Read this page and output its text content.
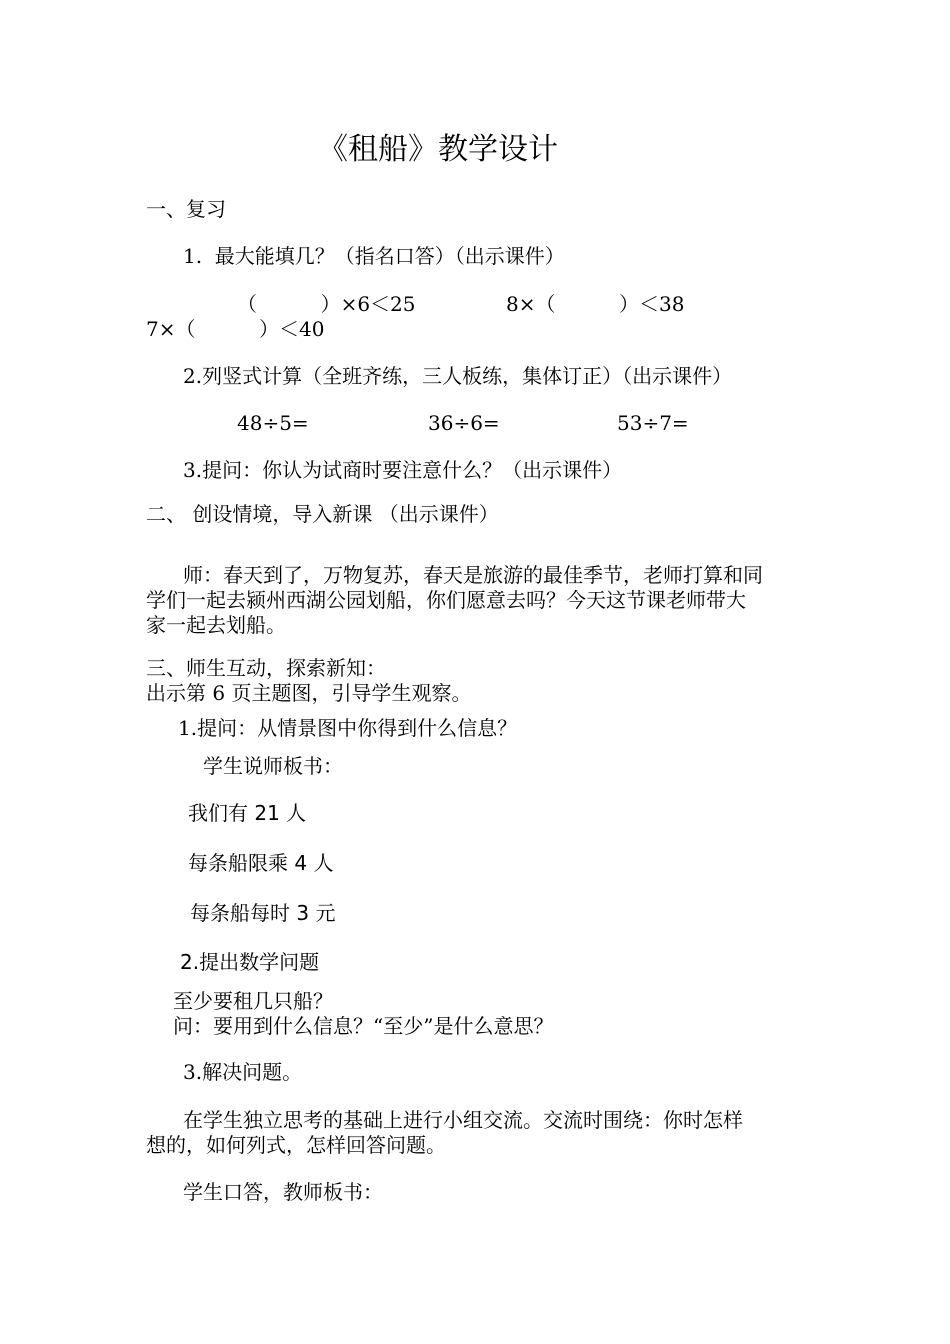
《租船》教学设计
一、复习
1.  最大能填几？（指名口答）（出示课件）
（          ）×6＜25	8×（          ）＜38
7×（          ）＜40
2.列竖式计算（全班齐练，三人板练，集体订正）（出示课件）
48÷5=	36÷6=	53÷7=
3.提问：你认为试商时要注意什么？（出示课件）
二、 创设情境，导入新课 （出示课件）
师：春天到了，万物复苏，春天是旅游的最佳季节，老师打算和同
学们一起去颍州西湖公园划船，你们愿意去吗？今天这节课老师带大
家一起去划船。
三、师生互动，探索新知：
出示第 6 页主题图，引导学生观察。
1.提问：从情景图中你得到什么信息？
学生说师板书：
我们有 21 人
每条船限乘 4 人
每条船每时 3 元
2.提出数学问题
至少要租几只船？
问：要用到什么信息？“至少”是什么意思？
3.解决问题。
在学生独立思考的基础上进行小组交流。交流时围绕：你时怎样
想的，如何列式，怎样回答问题。
学生口答，教师板书：
